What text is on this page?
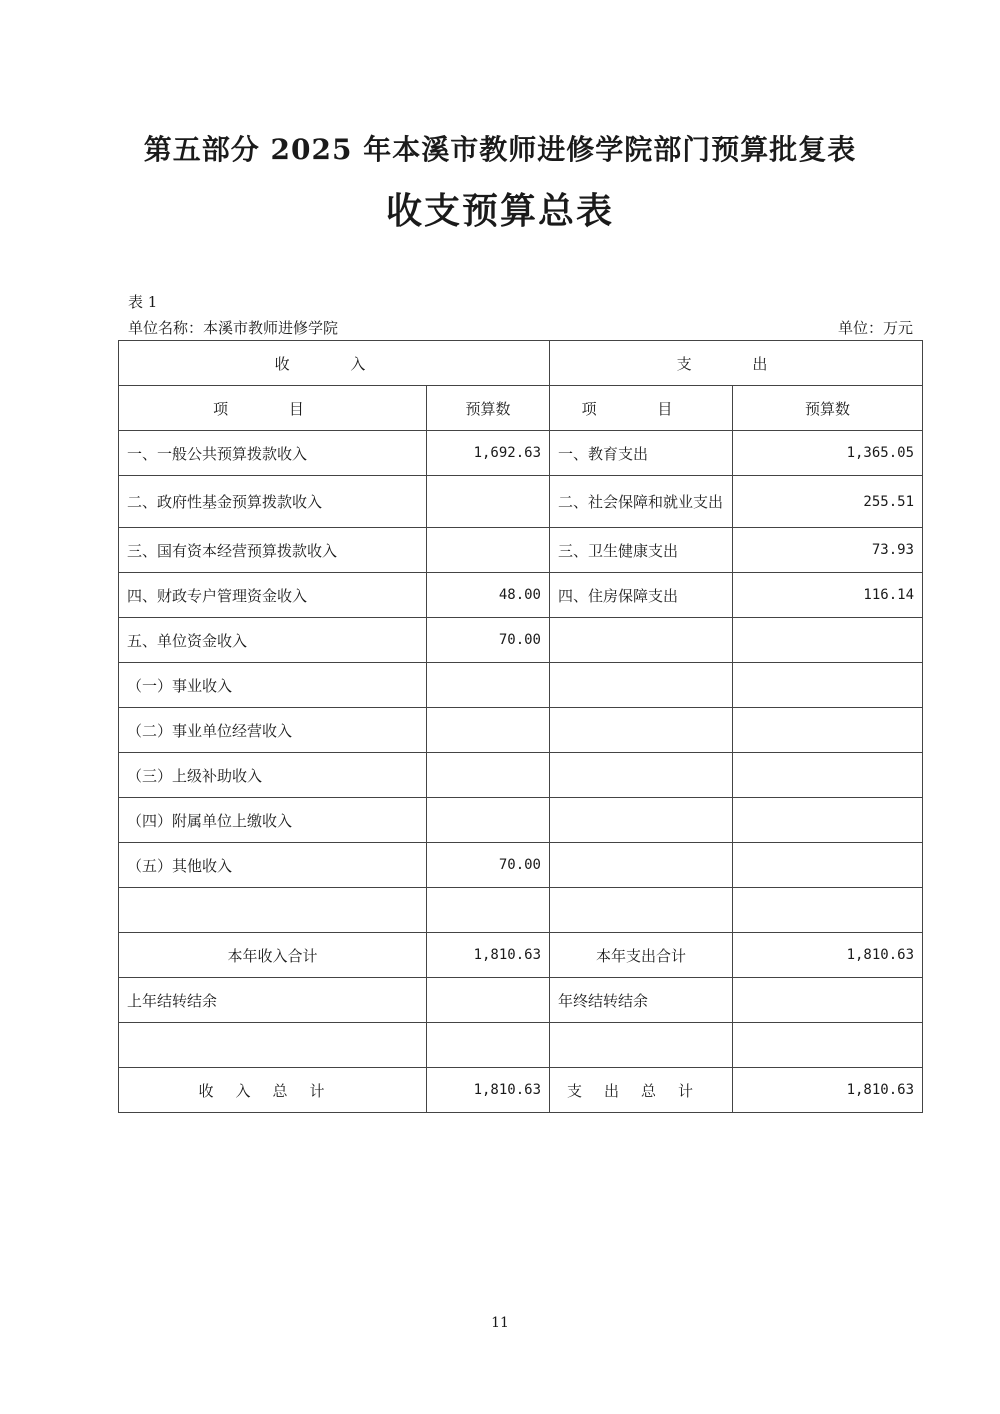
第五部分 2025 年本溪市教师进修学院部门预算批复表
收支预算总表
表 1
单位名称：本溪市教师进修学院	单位：万元
收 入		支 出	
项 目	预算数	项 目	预算数
一、一般公共预算拨款收入	1,692.63	一、教育支出	1,365.05
二、政府性基金预算拨款收入		二、社会保障和就业支出	255.51
三、国有资本经营预算拨款收入		三、卫生健康支出	73.93
四、财政专户管理资金收入	48.00	四、住房保障支出	116.14
五、单位资金收入	70.00		
（一）事业收入			
（二）事业单位经营收入			
（三）上级补助收入			
（四）附属单位上缴收入			
（五）其他收入	70.00		

本年收入合计	1,810.63	本年支出合计	1,810.63
上年结转结余		年终结转结余	

收入总计	1,810.63	支出总计	1,810.63
11
